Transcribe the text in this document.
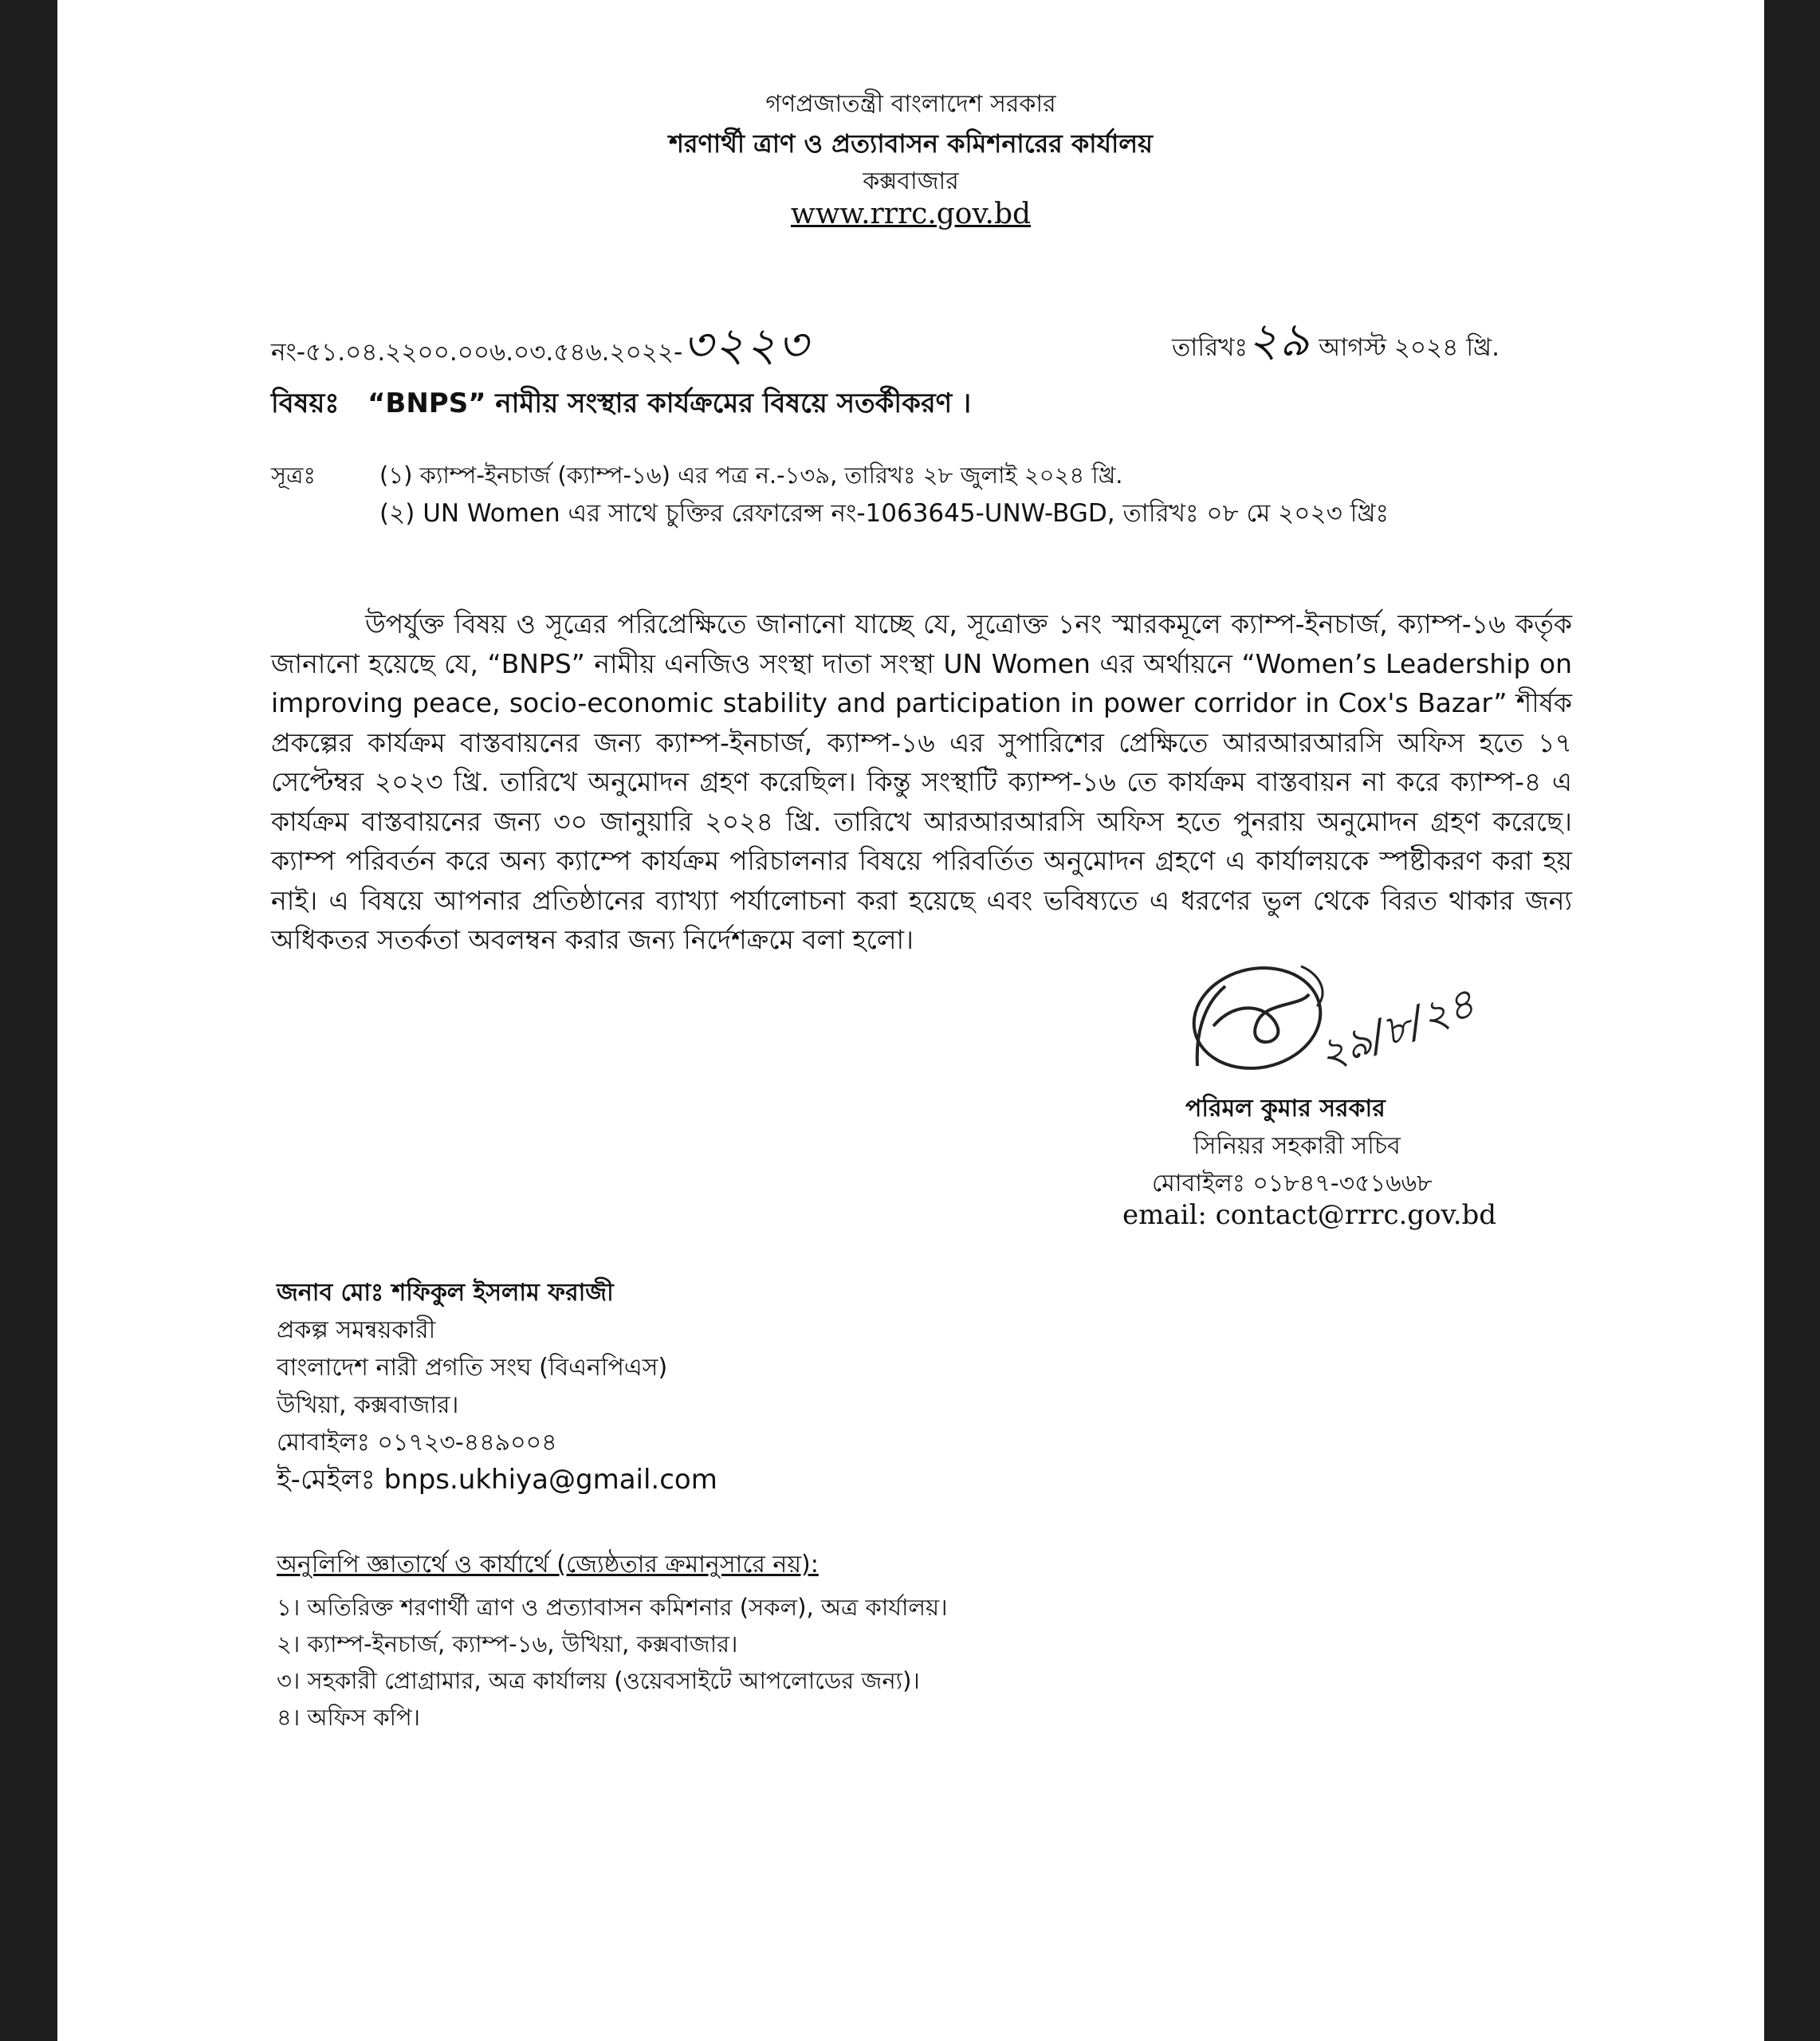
গণপ্রজাতন্ত্রী বাংলাদেশ সরকার
শরণার্থী ত্রাণ ও প্রত্যাবাসন কমিশনারের কার্যালয়
কক্সবাজার
www.rrrc.gov.bd
নং-৫১.০৪.২২০০.০০৬.০৩.৫৪৬.২০২২-৩২২৩	তারিখঃ২৯ আগস্ট ২০২৪ খ্রি.
বিষয়ঃ “BNPS” নামীয় সংস্থার কার্যক্রমের বিষয়ে সতর্কীকরণ ।
সূত্রঃ	(১) ক্যাম্প-ইনচার্জ (ক্যাম্প-১৬) এর পত্র ন.-১৩৯, তারিখঃ ২৮ জুলাই ২০২৪ খ্রি.
(২) UN Women এর সাথে চুক্তির রেফারেন্স নং-1063645-UNW-BGD, তারিখঃ ০৮ মে ২০২৩ খ্রিঃ
উপর্যুক্ত বিষয় ও সূত্রের পরিপ্রেক্ষিতে জানানো যাচ্ছে যে, সূত্রোক্ত ১নং স্মারকমূলে ক্যাম্প-ইনচার্জ, ক্যাম্প-১৬ কর্তৃক জানানো হয়েছে যে, “BNPS” নামীয় এনজিও সংস্থা দাতা সংস্থা UN Women এর অর্থায়নে “Women’s Leadership on improving peace, socio-economic stability and participation in power corridor in Cox's Bazar” শীর্ষক প্রকল্পের কার্যক্রম বাস্তবায়নের জন্য ক্যাম্প-ইনচার্জ, ক্যাম্প-১৬ এর সুপারিশের প্রেক্ষিতে আরআরআরসি অফিস হতে ১৭ সেপ্টেম্বর ২০২৩ খ্রি. তারিখে অনুমোদন গ্রহণ করেছিল। কিন্তু সংস্থাটি ক্যাম্প-১৬ তে কার্যক্রম বাস্তবায়ন না করে ক্যাম্প-৪ এ কার্যক্রম বাস্তবায়নের জন্য ৩০ জানুয়ারি ২০২৪ খ্রি. তারিখে আরআরআরসি অফিস হতে পুনরায় অনুমোদন গ্রহণ করেছে। ক্যাম্প পরিবর্তন করে অন্য ক্যাম্পে কার্যক্রম পরিচালনার বিষয়ে পরিবর্তিত অনুমোদন গ্রহণে এ কার্যালয়কে স্পষ্টীকরণ করা হয় নাই। এ বিষয়ে আপনার প্রতিষ্ঠানের ব্যাখ্যা পর্যালোচনা করা হয়েছে এবং ভবিষ্যতে এ ধরণের ভুল থেকে বিরত থাকার জন্য অধিকতর সতর্কতা অবলম্বন করার জন্য নির্দেশক্রমে বলা হলো।
২৯/৮/২৪
পরিমল কুমার সরকার
সিনিয়র সহকারী সচিব
মোবাইলঃ ০১৮৪৭-৩৫১৬৬৮
email: contact@rrrc.gov.bd
জনাব মোঃ শফিকুল ইসলাম ফরাজী
প্রকল্প সমন্বয়কারী
বাংলাদেশ নারী প্রগতি সংঘ (বিএনপিএস)
উখিয়া, কক্সবাজার।
মোবাইলঃ ০১৭২৩-৪৪৯০০৪
ই-মেইলঃ bnps.ukhiya@gmail.com
অনুলিপি জ্ঞাতার্থে ও কার্যার্থে (জ্যেষ্ঠতার ক্রমানুসারে নয়):
১। অতিরিক্ত শরণার্থী ত্রাণ ও প্রত্যাবাসন কমিশনার (সকল), অত্র কার্যালয়।
২। ক্যাম্প-ইনচার্জ, ক্যাম্প-১৬, উখিয়া, কক্সবাজার।
৩। সহকারী প্রোগ্রামার, অত্র কার্যালয় (ওয়েবসাইটে আপলোডের জন্য)।
৪। অফিস কপি।
